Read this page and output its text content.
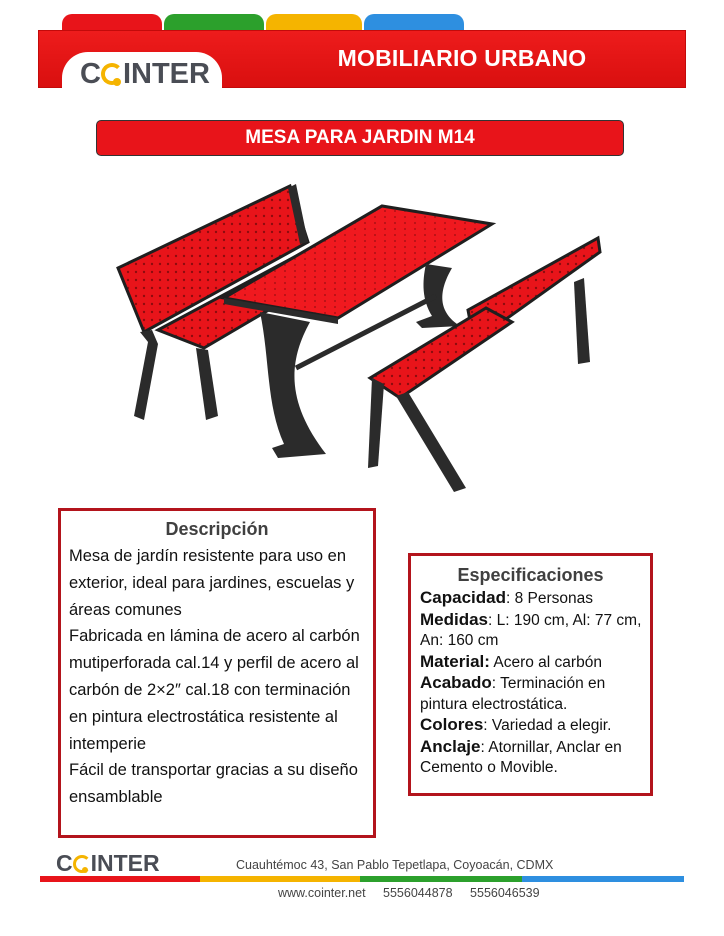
C INTER
MOBILIARIO URBANO
MESA PARA JARDIN M14
Descripción

Mesa de jardín resistente para uso en exterior, ideal para jardines, escuelas y áreas comunes

Fabricada en lámina de acero al carbón mutiperforada cal.14 y perfil de acero al carbón de 2×2″ cal.18 con terminación en pintura electrostática resistente al intemperie

Fácil de transportar gracias a su diseño ensamblable

Especificaciones

Capacidad: 8 Personas

Medidas: L: 190 cm, Al: 77 cm, An: 160 cm

Material: Acero al carbón

Acabado: Terminación en pintura electrostática.

Colores: Variedad a elegir.

Anclaje: Atornillar, Anclar en Cemento o Movible.

C INTER	Cuauhtémoc 43, San Pablo Tepetlapa, Coyoacán, CDMX
www.cointer.net 5556044878 5556046539
